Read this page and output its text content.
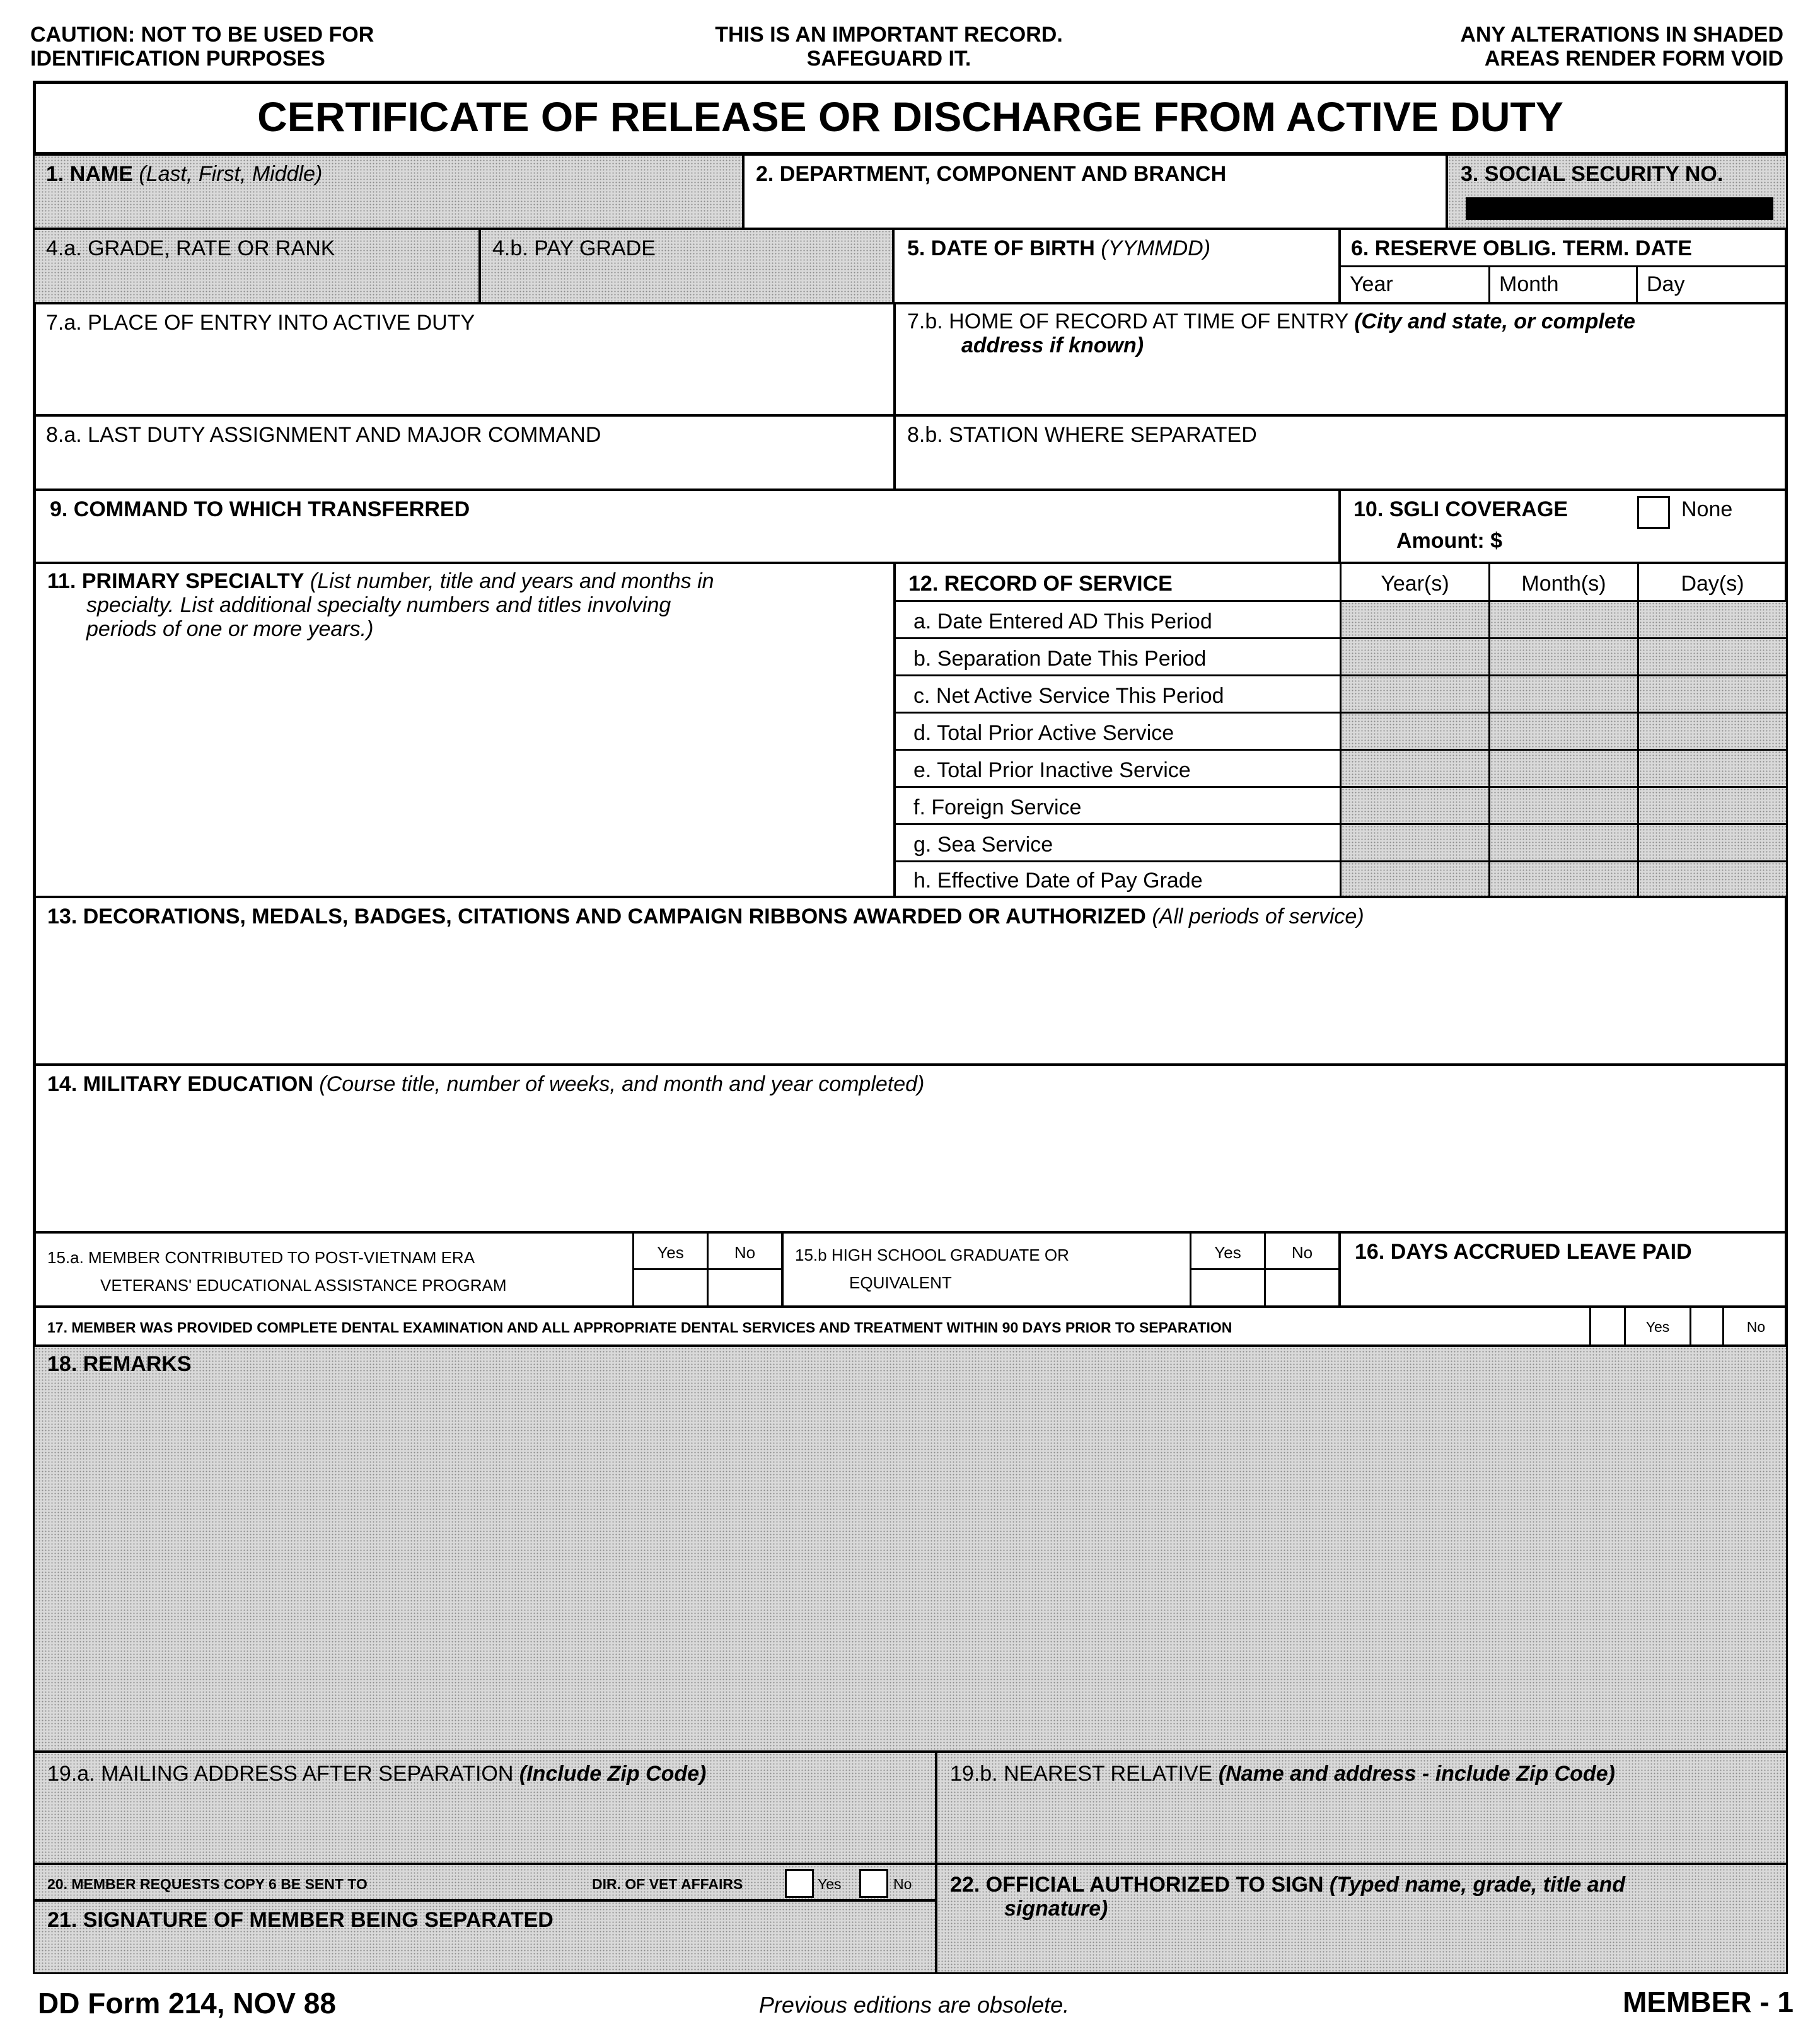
CAUTION: NOT TO BE USED FOR
IDENTIFICATION PURPOSES
THIS IS AN IMPORTANT RECORD.
SAFEGUARD IT.
ANY ALTERATIONS IN SHADED
AREAS RENDER FORM VOID
CERTIFICATE OF RELEASE OR DISCHARGE FROM ACTIVE DUTY
1. NAME (Last, First, Middle)	2. DEPARTMENT, COMPONENT AND BRANCH	3. SOCIAL SECURITY NO.
4.a. GRADE, RATE OR RANK	4.b. PAY GRADE	5. DATE OF BIRTH (YYMMDD)	6. RESERVE OBLIG. TERM. DATE
Year	Month	Day
7.a. PLACE OF ENTRY INTO ACTIVE DUTY	7.b. HOME OF RECORD AT TIME OF ENTRY (City and state, or complete
address if known)
8.a. LAST DUTY ASSIGNMENT AND MAJOR COMMAND	8.b. STATION WHERE SEPARATED
9. COMMAND TO WHICH TRANSFERRED	10. SGLI COVERAGE	None
Amount: $
11. PRIMARY SPECIALTY (List number, title and years and months in
specialty. List additional specialty numbers and titles involving
periods of one or more years.)
12. RECORD OF SERVICE	Year(s)	Month(s)	Day(s)
a. Date Entered AD This Period
b. Separation Date This Period
c. Net Active Service This Period
d. Total Prior Active Service
e. Total Prior Inactive Service
f. Foreign Service
g. Sea Service
h. Effective Date of Pay Grade
13. DECORATIONS, MEDALS, BADGES, CITATIONS AND CAMPAIGN RIBBONS AWARDED OR AUTHORIZED (All periods of service)
14. MILITARY EDUCATION (Course title, number of weeks, and month and year completed)
15.a. MEMBER CONTRIBUTED TO POST-VIETNAM ERA
VETERANS' EDUCATIONAL ASSISTANCE PROGRAM
Yes	No	15.b HIGH SCHOOL GRADUATE OR
EQUIVALENT
Yes	No	16. DAYS ACCRUED LEAVE PAID
17. MEMBER WAS PROVIDED COMPLETE DENTAL EXAMINATION AND ALL APPROPRIATE DENTAL SERVICES AND TREATMENT WITHIN 90 DAYS PRIOR TO SEPARATION	Yes	No
18. REMARKS
19.a. MAILING ADDRESS AFTER SEPARATION (Include Zip Code)	19.b. NEAREST RELATIVE (Name and address - include Zip Code)
20. MEMBER REQUESTS COPY 6 BE SENT TO	DIR. OF VET AFFAIRS	Yes	No
21. SIGNATURE OF MEMBER BEING SEPARATED
22. OFFICIAL AUTHORIZED TO SIGN (Typed name, grade, title and
signature)
DD Form 214, NOV 88	Previous editions are obsolete.	MEMBER - 1
